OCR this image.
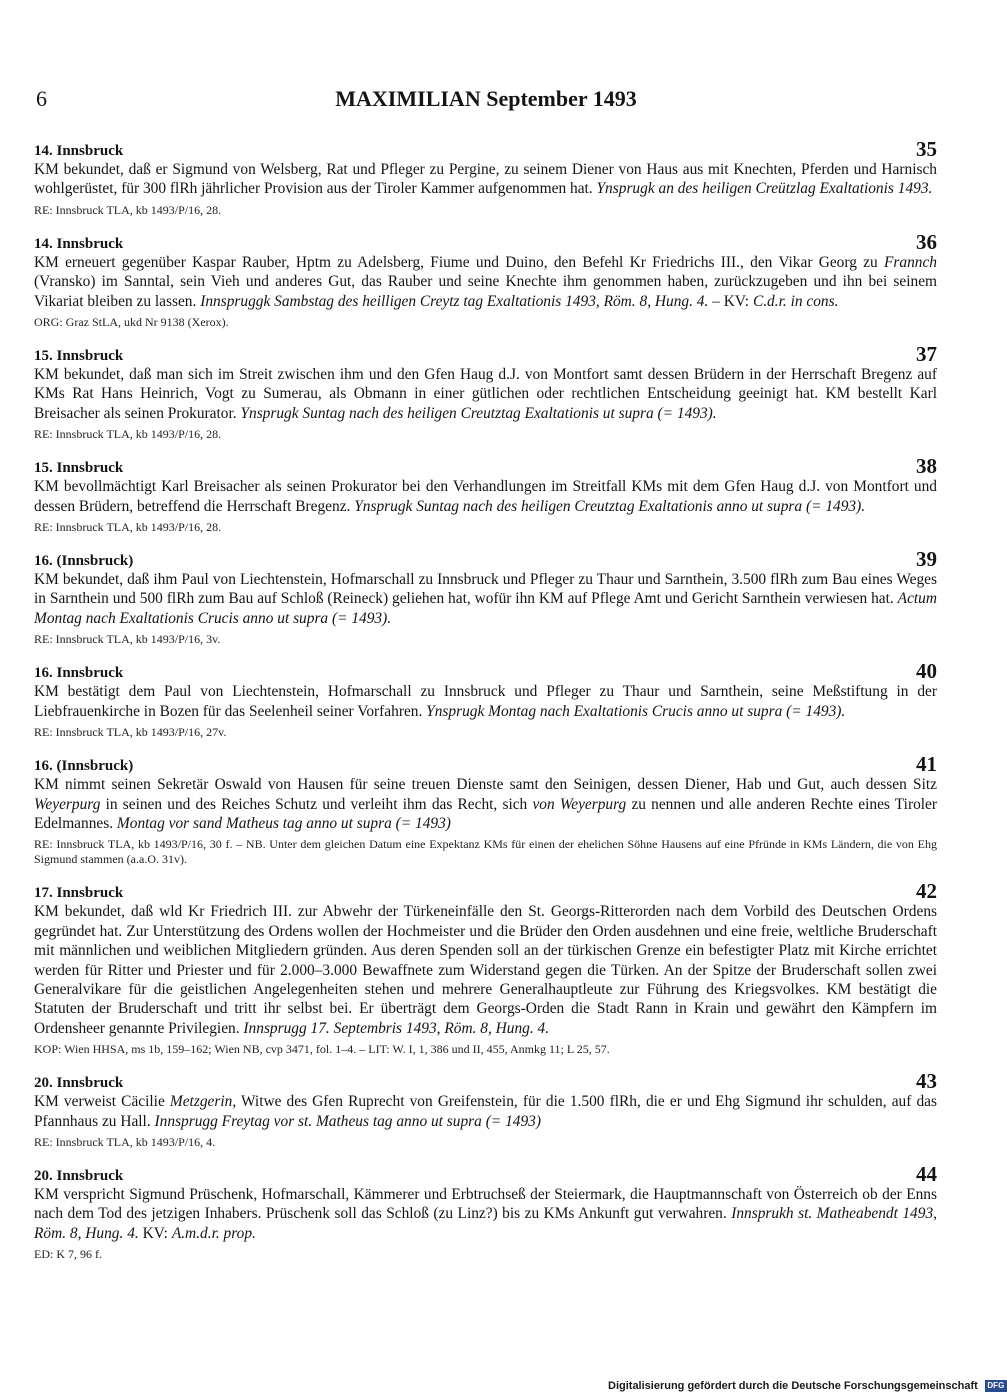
6	MAXIMILIAN September 1493
14. Innsbruck	35

KM bekundet, daß er Sigmund von Welsberg, Rat und Pfleger zu Pergine, zu seinem Diener von Haus aus mit Knechten, Pferden und Harnisch wohlgerüstet, für 300 flRh jährlicher Provision aus der Tiroler Kammer aufgenommen hat. Ynsprugk an des heiligen Creützlag Exaltationis 1493.

RE: Innsbruck TLA, kb 1493/P/16, 28.
14. Innsbruck	36

KM erneuert gegenüber Kaspar Rauber, Hptm zu Adelsberg, Fiume und Duino, den Befehl Kr Friedrichs III., den Vikar Georg zu Frannch (Vransko) im Sanntal, sein Vieh und anderes Gut, das Rauber und seine Knechte ihm genommen haben, zurückzugeben und ihn bei seinem Vikariat bleiben zu lassen. Innspruggk Sambstag des heilligen Creytz tag Exaltationis 1493, Röm. 8, Hung. 4. – KV: C.d.r. in cons.

ORG: Graz StLA, ukd Nr 9138 (Xerox).
15. Innsbruck	37

KM bekundet, daß man sich im Streit zwischen ihm und den Gfen Haug d.J. von Montfort samt dessen Brüdern in der Herrschaft Bregenz auf KMs Rat Hans Heinrich, Vogt zu Sumerau, als Obmann in einer gütlichen oder rechtlichen Entscheidung geeinigt hat. KM bestellt Karl Breisacher als seinen Prokurator. Ynsprugk Suntag nach des heiligen Creutztag Exaltationis ut supra (= 1493).

RE: Innsbruck TLA, kb 1493/P/16, 28.
15. Innsbruck	38

KM bevollmächtigt Karl Breisacher als seinen Prokurator bei den Verhandlungen im Streitfall KMs mit dem Gfen Haug d.J. von Montfort und dessen Brüdern, betreffend die Herrschaft Bregenz. Ynsprugk Suntag nach des heiligen Creutztag Exaltationis anno ut supra (= 1493).

RE: Innsbruck TLA, kb 1493/P/16, 28.
16. (Innsbruck)	39

KM bekundet, daß ihm Paul von Liechtenstein, Hofmarschall zu Innsbruck und Pfleger zu Thaur und Sarnthein, 3.500 flRh zum Bau eines Weges in Sarnthein und 500 flRh zum Bau auf Schloß (Reineck) geliehen hat, wofür ihn KM auf Pflege Amt und Gericht Sarnthein verwiesen hat. Actum Montag nach Exaltationis Crucis anno ut supra (= 1493).

RE: Innsbruck TLA, kb 1493/P/16, 3v.
16. Innsbruck	40

KM bestätigt dem Paul von Liechtenstein, Hofmarschall zu Innsbruck und Pfleger zu Thaur und Sarnthein, seine Meßstiftung in der Liebfrauenkirche in Bozen für das Seelenheil seiner Vorfahren. Ynsprugk Montag nach Exaltationis Crucis anno ut supra (= 1493).

RE: Innsbruck TLA, kb 1493/P/16, 27v.
16. (Innsbruck)	41

KM nimmt seinen Sekretär Oswald von Hausen für seine treuen Dienste samt den Seinigen, dessen Diener, Hab und Gut, auch dessen Sitz Weyerpurg in seinen und des Reiches Schutz und verleiht ihm das Recht, sich von Weyerpurg zu nennen und alle anderen Rechte eines Tiroler Edelmannes. Montag vor sand Matheus tag anno ut supra (= 1493)

RE: Innsbruck TLA, kb 1493/P/16, 30 f. – NB. Unter dem gleichen Datum eine Expektanz KMs für einen der ehelichen Söhne Hausens auf eine Pfründe in KMs Ländern, die von Ehg Sigmund stammen (a.a.O. 31v).
17. Innsbruck	42

KM bekundet, daß wld Kr Friedrich III. zur Abwehr der Türkeneinfälle den St. Georgs-Ritterorden nach dem Vorbild des Deutschen Ordens gegründet hat. Zur Unterstützung des Ordens wollen der Hochmeister und die Brüder den Orden ausdehnen und eine freie, weltliche Bruderschaft mit männlichen und weiblichen Mitgliedern gründen. Aus deren Spenden soll an der türkischen Grenze ein befestigter Platz mit Kirche errichtet werden für Ritter und Priester und für 2.000–3.000 Bewaffnete zum Widerstand gegen die Türken. An der Spitze der Bruderschaft sollen zwei Generalvikare für die geistlichen Angelegenheiten stehen und mehrere Generalhauptleute zur Führung des Kriegsvolkes. KM bestätigt die Statuten der Bruderschaft und tritt ihr selbst bei. Er überträgt dem Georgs-Orden die Stadt Rann in Krain und gewährt den Kämpfern im Ordensheer genannte Privilegien. Innsprugg 17. Septembris 1493, Röm. 8, Hung. 4.

KOP: Wien HHSA, ms 1b, 159–162; Wien NB, cvp 3471, fol. 1–4. – LIT: W. I, 1, 386 und II, 455, Anmkg 11; L 25, 57.
20. Innsbruck	43

KM verweist Cäcilie Metzgerin, Witwe des Gfen Ruprecht von Greifenstein, für die 1.500 flRh, die er und Ehg Sigmund ihr schulden, auf das Pfannhaus zu Hall. Innsprugg Freytag vor st. Matheus tag anno ut supra (= 1493)

RE: Innsbruck TLA, kb 1493/P/16, 4.
20. Innsbruck	44

KM verspricht Sigmund Prüschenk, Hofmarschall, Kämmerer und Erbtruchseß der Steiermark, die Hauptmannschaft von Österreich ob der Enns nach dem Tod des jetzigen Inhabers. Prüschenk soll das Schloß (zu Linz?) bis zu KMs Ankunft gut verwahren. Innsprukh st. Matheabendt 1493, Röm. 8, Hung. 4. KV: A.m.d.r. prop.

ED: K 7, 96 f.
Digitalisierung gefördert durch die Deutsche Forschungsgemeinschaft DFG
